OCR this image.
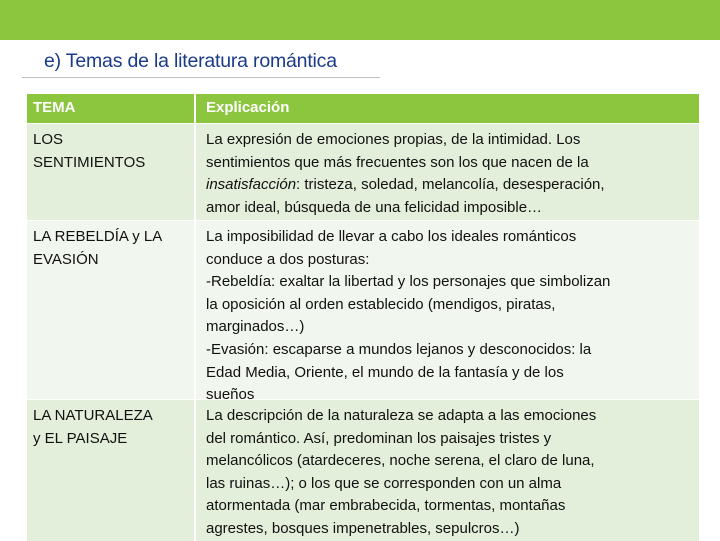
e) Temas de la literatura romántica
TEMA	Explicación
LOS
SENTIMIENTOS
La expresión de emociones propias, de la intimidad. Los
sentimientos que más frecuentes son los que nacen de la
insatisfacción: tristeza, soledad, melancolía, desesperación,
amor ideal, búsqueda de una felicidad imposible…
LA REBELDÍA y LA
EVASIÓN
La imposibilidad de llevar a cabo los ideales románticos
conduce a dos posturas:
-Rebeldía: exaltar la libertad y los personajes que simbolizan
la oposición al orden establecido (mendigos, piratas,
marginados…)
-Evasión: escaparse a mundos lejanos y desconocidos: la
Edad Media, Oriente, el mundo de la fantasía y de los
sueños
LA NATURALEZA
y EL PAISAJE
La descripción de la naturaleza se adapta a las emociones
del romántico. Así, predominan los paisajes tristes y
melancólicos (atardeceres, noche serena, el claro de luna,
las ruinas…); o los que se corresponden con un alma
atormentada (mar embrabecida, tormentas, montañas
agrestes, bosques impenetrables, sepulcros…)
